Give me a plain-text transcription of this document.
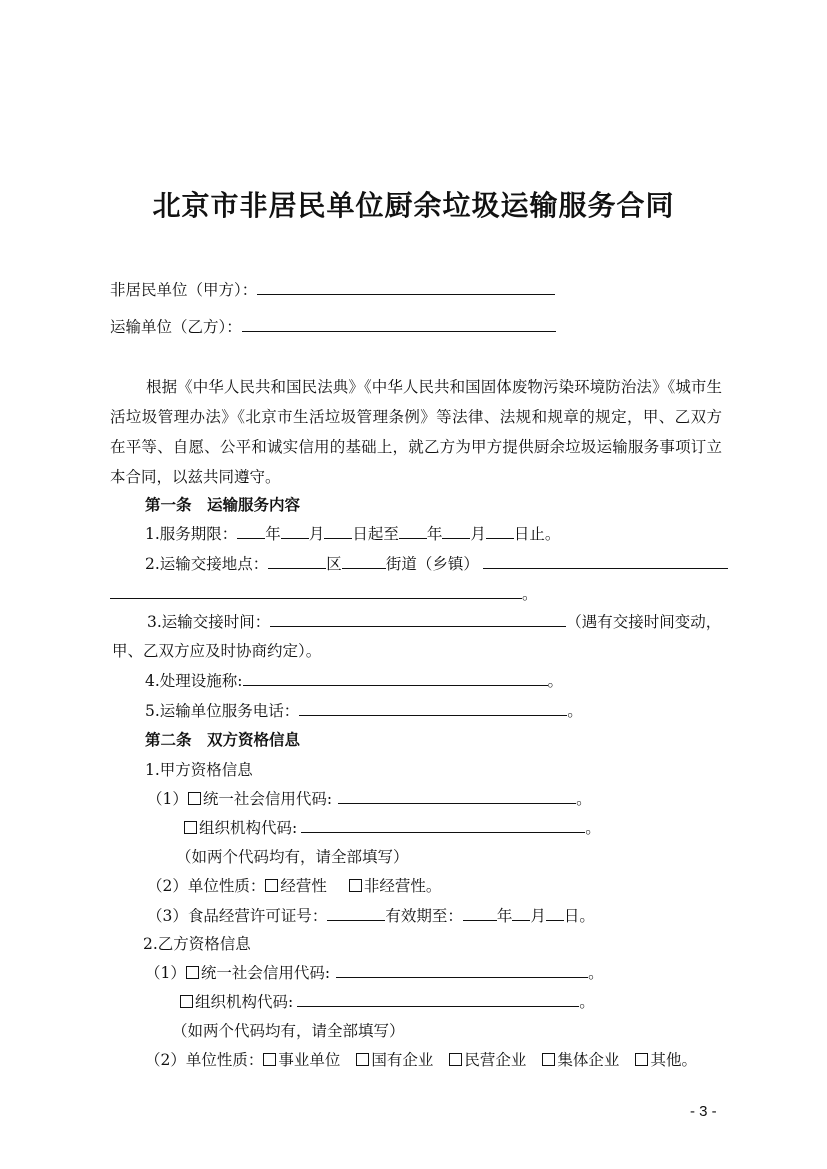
北京市非居民单位厨余垃圾运输服务合同
非居民单位（甲方）：
运输单位（乙方）：
根据《中华人民共和国民法典》《中华人民共和国固体废物污染环境防治法》《城市生活垃圾管理办法》《北京市生活垃圾管理条例》等法律、法规和规章的规定，甲、乙双方在平等、自愿、公平和诚实信用的基础上，就乙方为甲方提供厨余垃圾运输服务事项订立本合同，以兹共同遵守。
第一条　运输服务内容
1.服务期限： 年 月 日起至 年 月 日止。
2.运输交接地点：	区	街道（乡镇）
。
3.运输交接时间：	（遇有交接时间变动，
甲、乙双方应及时协商约定）。
4.处理设施称:	。
5.运输单位服务电话：	。
第二条　双方资格信息
1.甲方资格信息
（1） 统一社会信用代码:	。
组织机构代码:	。
（如两个代码均有，请全部填写）
（2）单位性质： 经营性 非经营性。
（3）食品经营许可证号：	有效期至： 年 月 日。
2.乙方资格信息
（1） 统一社会信用代码:	。
组织机构代码:	。
（如两个代码均有，请全部填写）
（2）单位性质： 事业单位 国有企业 民营企业 集体企业 其他。
- 3 -
